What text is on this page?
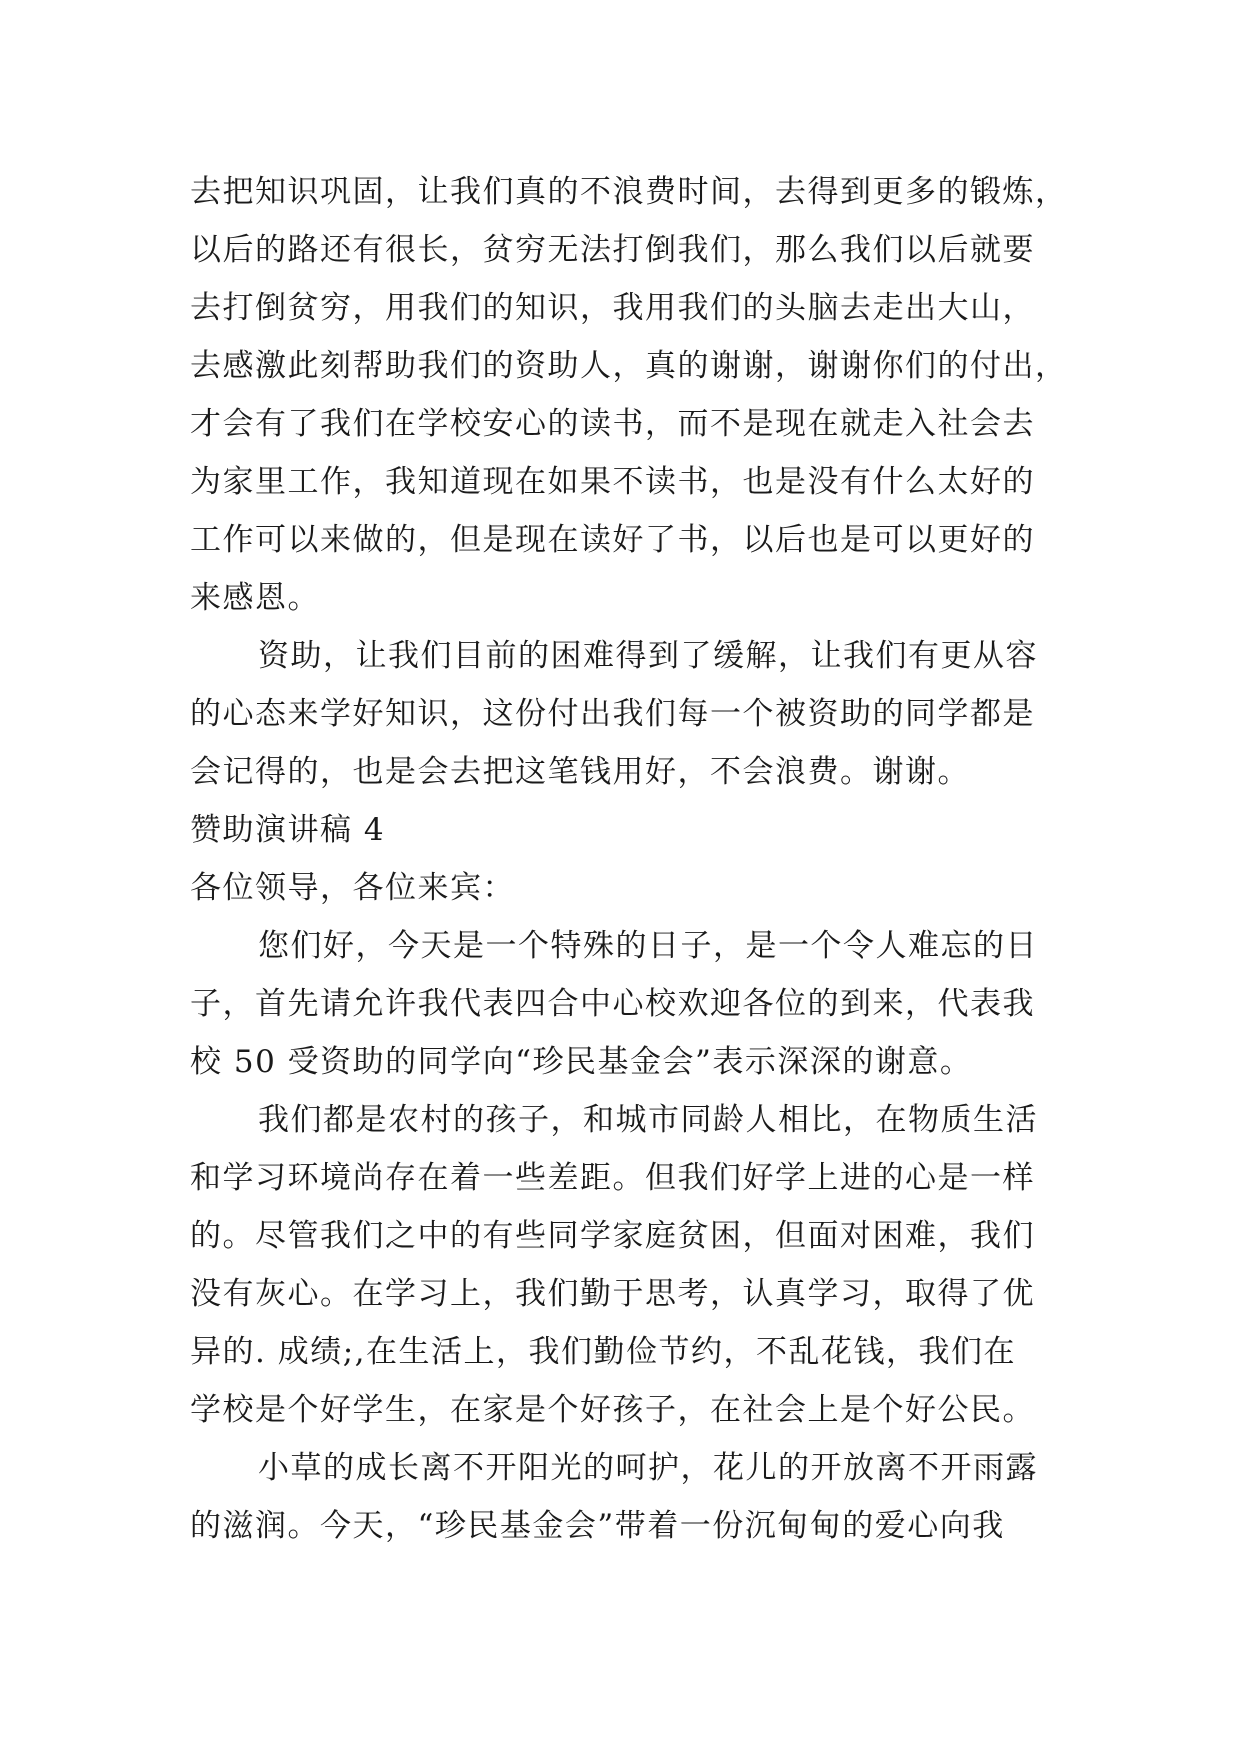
去把知识巩固，让我们真的不浪费时间，去得到更多的锻炼，
以后的路还有很长，贫穷无法打倒我们，那么我们以后就要
去打倒贫穷，用我们的知识，我用我们的头脑去走出大山，
去感激此刻帮助我们的资助人，真的谢谢，谢谢你们的付出，
才会有了我们在学校安心的读书，而不是现在就走入社会去
为家里工作，我知道现在如果不读书，也是没有什么太好的
工作可以来做的，但是现在读好了书，以后也是可以更好的
来感恩。
资助，让我们目前的困难得到了缓解，让我们有更从容
的心态来学好知识，这份付出我们每一个被资助的同学都是
会记得的，也是会去把这笔钱用好，不会浪费。谢谢。
赞助演讲稿 4
各位领导，各位来宾：
您们好，今天是一个特殊的日子，是一个令人难忘的日
子，首先请允许我代表四合中心校欢迎各位的到来，代表我
校 50 受资助的同学向“珍民基金会”表示深深的谢意。
我们都是农村的孩子，和城市同龄人相比，在物质生活
和学习环境尚存在着一些差距。但我们好学上进的心是一样
的。尽管我们之中的有些同学家庭贫困，但面对困难，我们
没有灰心。在学习上，我们勤于思考，认真学习，取得了优
异的. 成绩;,在生活上，我们勤俭节约，不乱花钱，我们在
学校是个好学生，在家是个好孩子，在社会上是个好公民。
小草的成长离不开阳光的呵护，花儿的开放离不开雨露
的滋润。今天，“珍民基金会”带着一份沉甸甸的爱心向我
